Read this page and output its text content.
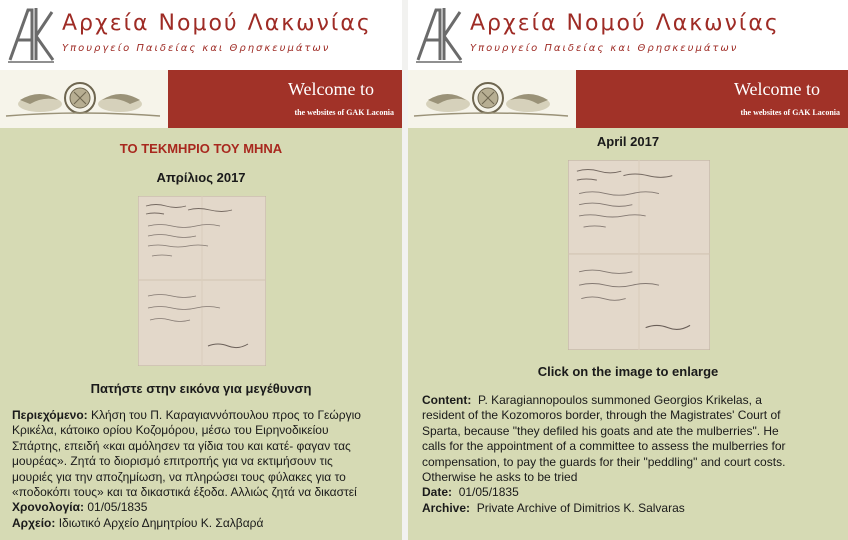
Αρχεία Νομού Λακωνίας
Υπουργείο Παιδείας και Θρησκευμάτων
Welcome to
the websites of GAK Laconia
ΤΟ ΤΕΚΜΗΡΙΟ ΤΟΥ ΜΗΝΑ
Απρίλιος 2017
Πατήστε στην εικόνα για μεγέθυνση
Περιεχόμενο: Κλήση του Π. Καραγιαννόπουλου προς το Γεώργιο
Κρικέλα, κάτοικο ορίου Κοζομόρου, μέσω του Ειρηνοδικείου
Σπάρτης, επειδή «και αμόλησεν τα γίδια του και κατέ- φαγαν τας
μουρέας». Ζητά το διορισμό επιτροπής για να εκτιμήσουν τις
μουριές για την αποζημίωση, να πληρώσει τους φύλακες για το
«ποδοκόπι τους» και τα δικαστικά έξοδα. Αλλιώς ζητά να δικαστεί
Χρονολογία: 01/05/1835
Αρχείο: Ιδιωτικό Αρχείο Δημητρίου Κ. Σαλβαρά
Αρχεία Νομού Λακωνίας
Υπουργείο Παιδείας και Θρησκευμάτων
Welcome to
the websites of GAK Laconia
April 2017
Click on the image to enlarge
Content: P. Karagiannopoulos summoned Georgios Krikelas, a
resident of the Kozomoros border, through the Magistrates' Court of
Sparta, because "they defiled his goats and ate the mulberries". He
calls for the appointment of a committee to assess the mulberries for
compensation, to pay the guards for their "peddling" and court costs.
Otherwise he asks to be tried
Date: 01/05/1835
Archive: Private Archive of Dimitrios K. Salvaras
